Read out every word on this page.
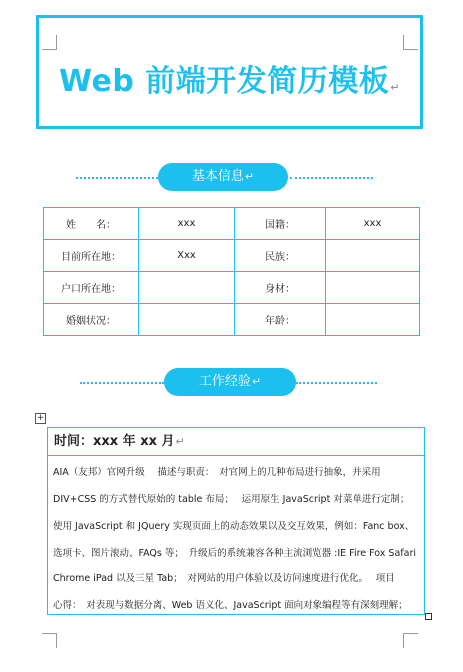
Web 前端开发简历模板↵
基本信息↵
姓　　名：	xxx	国籍：	xxx
目前所在地：	Xxx	民族：	
户口所在地：		身材：	
婚姻状况：		年龄：	
工作经验↵
+
时间：xxx 年 xx 月↵
AIA（友邦）官网升级　 描述与职责：　对官网上的几种布局进行抽象，并采用
DIV+CSS 的方式替代原始的 table 布局；　 运用原生 JavaScript 对菜单进行定制；
使用 JavaScript 和 JQuery 实现页面上的动态效果以及交互效果，例如：Fanc box、
选项卡、图片滚动、FAQs 等；　升级后的系统兼容各种主流浏览器 :IE Fire Fox Safari
Chrome iPad 以及三星 Tab；　对网站的用户体验以及访问速度进行优化。　 项目
心得：　对表现与数据分离、Web 语义化、JavaScript 面向对象编程等有深刻理解；
